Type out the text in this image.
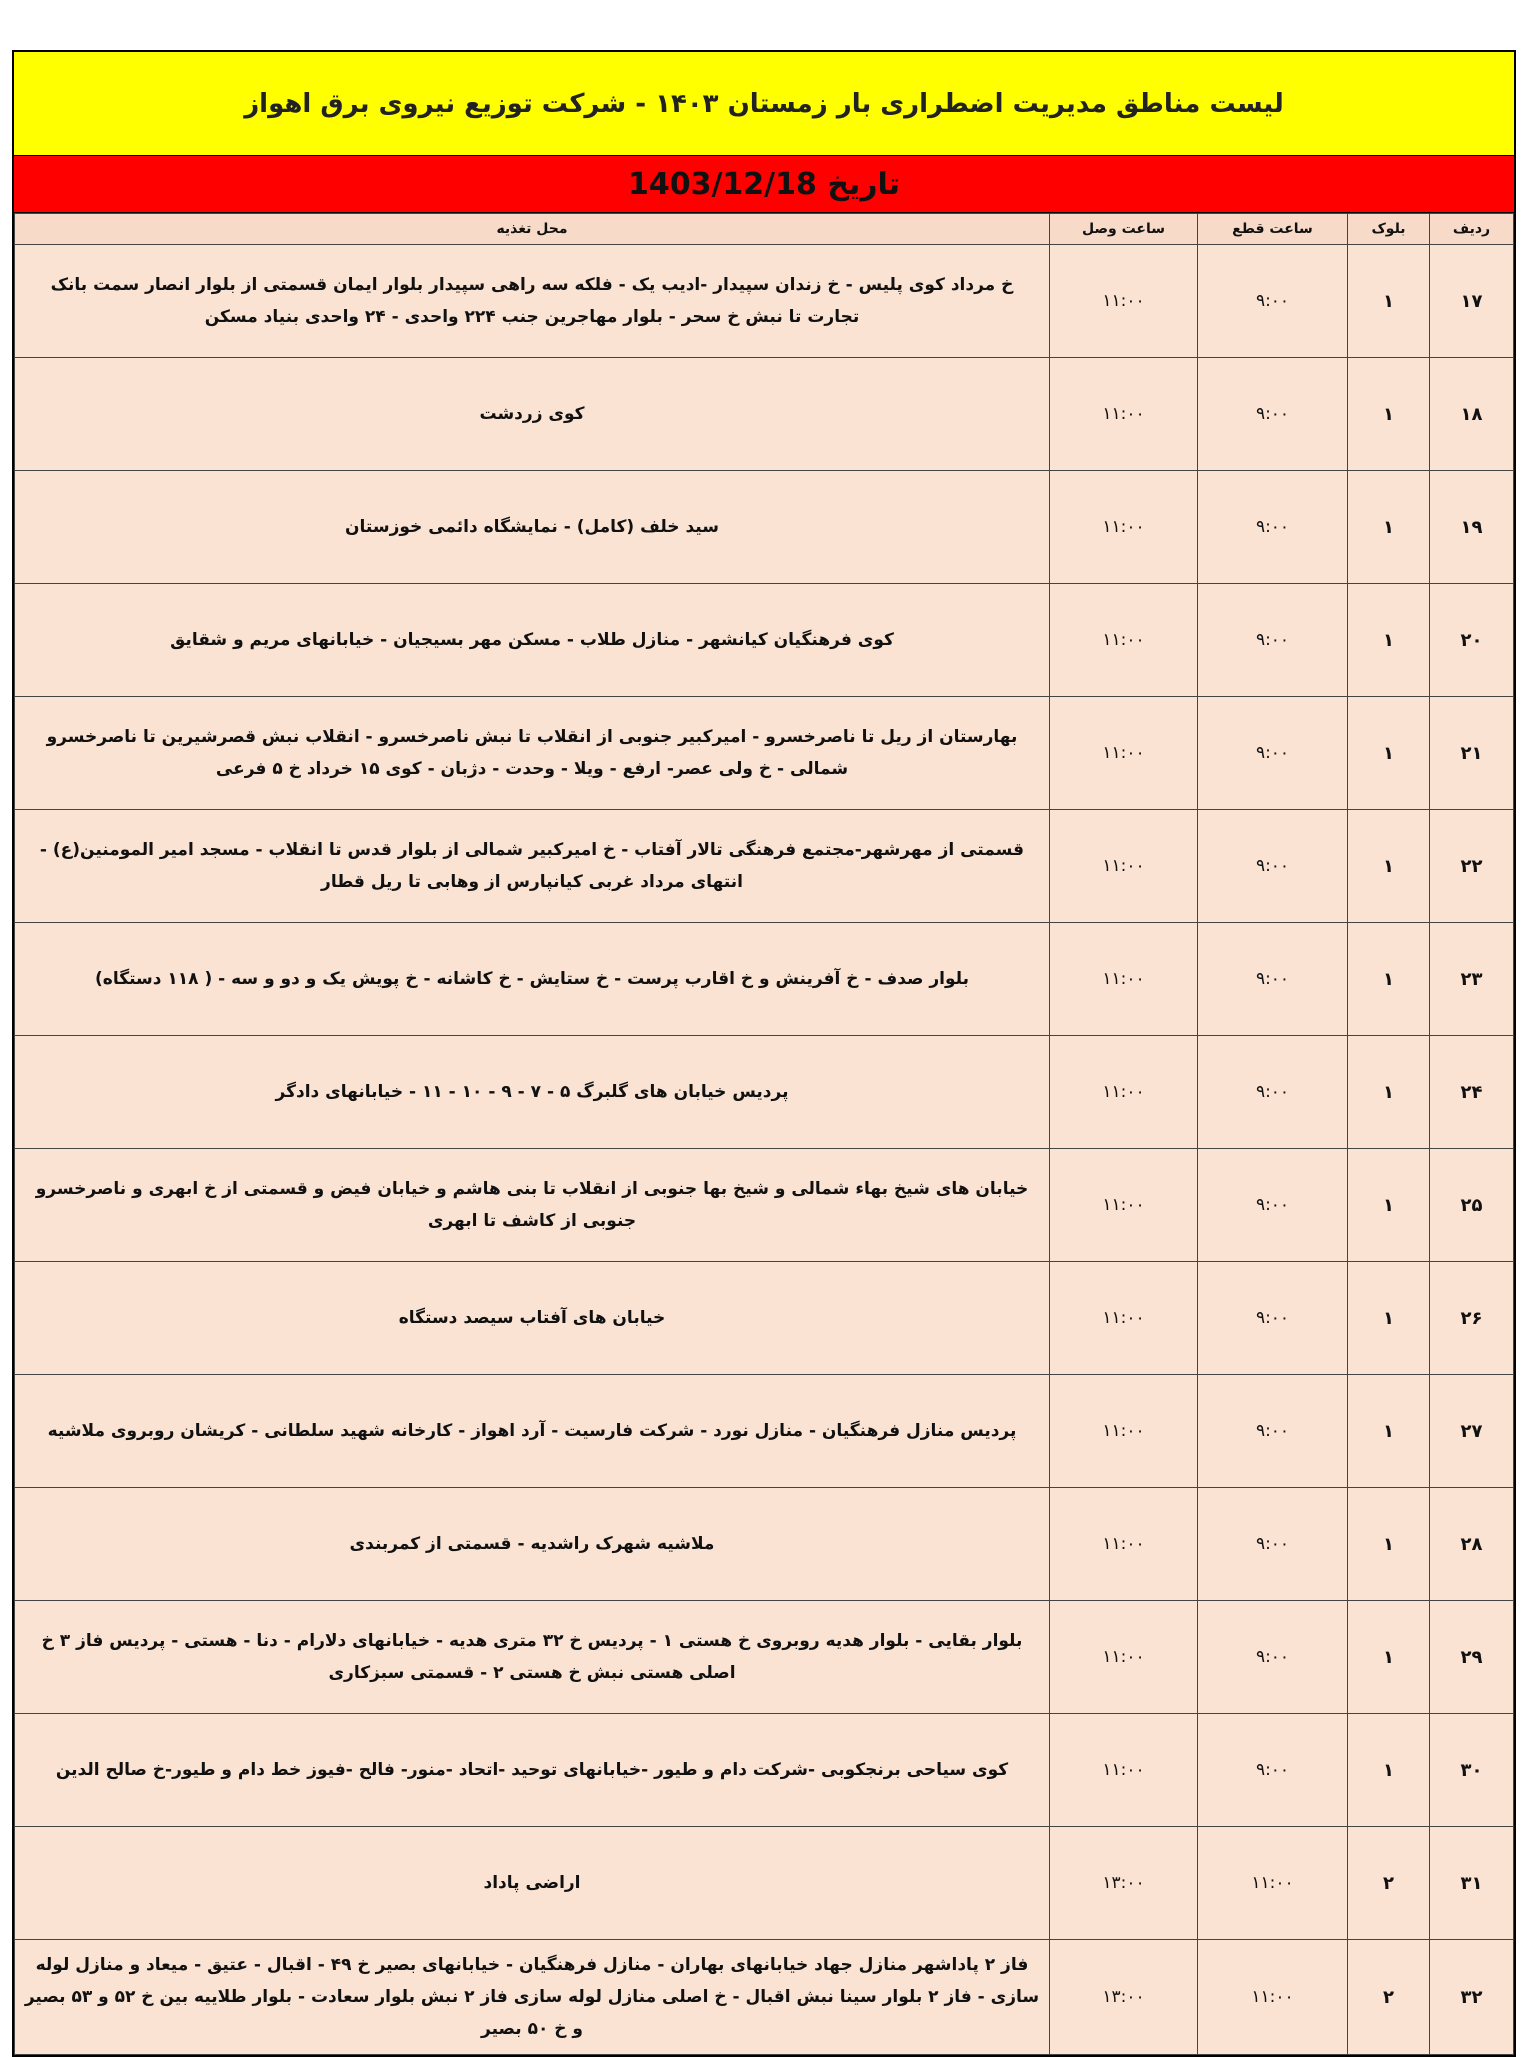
لیست مناطق مدیریت اضطراری بار زمستان ۱۴۰۳ - شرکت توزیع نیروی برق اهواز
تاریخ 1403/12/18
ردیف	بلوک	ساعت قطع	ساعت وصل	محل تغذیه
۱۷	۱	۹:۰۰	۱۱:۰۰	خ مرداد کوی پلیس - خ زندان سپیدار -ادیب یک - فلکه سه راهی سپیدار بلوار ایمان قسمتی از بلوار انصار سمت بانک تجارت تا نبش خ سحر - بلوار مهاجرین جنب ۲۲۴ واحدی - ۲۴ واحدی بنیاد مسکن
۱۸	۱	۹:۰۰	۱۱:۰۰	کوی زردشت
۱۹	۱	۹:۰۰	۱۱:۰۰	سید خلف (کامل) - نمایشگاه دائمی خوزستان
۲۰	۱	۹:۰۰	۱۱:۰۰	کوی فرهنگیان کیانشهر - منازل طلاب - مسکن مهر بسیجیان - خیابانهای مریم و شقایق
۲۱	۱	۹:۰۰	۱۱:۰۰	بهارستان از ریل تا ناصرخسرو - امیرکبیر جنوبی از انقلاب تا نبش ناصرخسرو - انقلاب نبش قصرشیرین تا ناصرخسرو شمالی - خ ولی عصر- ارفع - ویلا - وحدت - دژبان - کوی ۱۵ خرداد خ ۵ فرعی
۲۲	۱	۹:۰۰	۱۱:۰۰	قسمتی از مهرشهر-مجتمع فرهنگی تالار آفتاب - خ امیرکبیر شمالی از بلوار قدس تا انقلاب - مسجد امیر المومنین(ع) - انتهای مرداد غربی کیانپارس از وهابی تا ریل قطار
۲۳	۱	۹:۰۰	۱۱:۰۰	بلوار صدف - خ آفرینش و خ اقارب پرست - خ ستایش - خ کاشانه - خ پویش یک و دو و سه - ( ۱۱۸ دستگاه)
۲۴	۱	۹:۰۰	۱۱:۰۰	پردیس خیابان های گلبرگ ۵ - ۷ - ۹ - ۱۰ - ۱۱ - خیابانهای دادگر
۲۵	۱	۹:۰۰	۱۱:۰۰	خیابان های شیخ بهاء شمالی و شیخ بها جنوبی از انقلاب تا بنی هاشم و خیابان فیض و قسمتی از خ ابهری و ناصرخسرو جنوبی از کاشف تا ابهری
۲۶	۱	۹:۰۰	۱۱:۰۰	خیابان های آفتاب سیصد دستگاه
۲۷	۱	۹:۰۰	۱۱:۰۰	پردیس منازل فرهنگیان - منازل نورد - شرکت فارسیت - آرد اهواز - کارخانه شهید سلطانی - کریشان روبروی ملاشیه
۲۸	۱	۹:۰۰	۱۱:۰۰	ملاشیه شهرک راشدیه - قسمتی از کمربندی
۲۹	۱	۹:۰۰	۱۱:۰۰	بلوار بقایی - بلوار هدیه روبروی خ هستی ۱ - پردیس خ ۳۲ متری هدیه - خیابانهای دلارام - دنا - هستی - پردیس فاز ۳ خ اصلی هستی نبش خ هستی ۲ - قسمتی سبزکاری
۳۰	۱	۹:۰۰	۱۱:۰۰	کوی سیاحی برنجکوبی -شرکت دام و طیور -خیابانهای توحید -اتحاد -منور- فالح -فیوز خط دام و طیور-خ صالح الدین
۳۱	۲	۱۱:۰۰	۱۳:۰۰	اراضی پاداد
۳۲	۲	۱۱:۰۰	۱۳:۰۰	فاز ۲ پاداشهر منازل جهاد خیابانهای بهاران - منازل فرهنگیان - خیابانهای بصیر خ ۴۹ - اقبال - عتیق - میعاد و منازل لوله سازی - فاز ۲ بلوار سینا نبش اقبال - خ اصلی منازل لوله سازی فاز ۲ نبش بلوار سعادت - بلوار طلاییه بین خ ۵۲ و ۵۳ بصیر و خ ۵۰ بصیر
